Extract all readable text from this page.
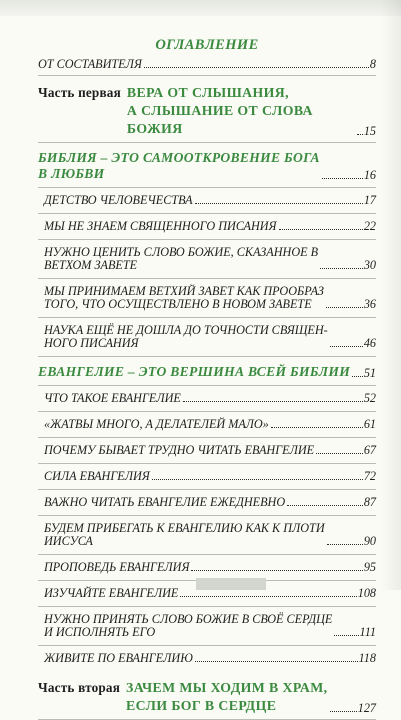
ОГЛАВЛЕНИЕ
ОТ СОСТАВИТЕЛЯ	8
Часть первая ВЕРА ОТ СЛЫШАНИЯ,
А СЛЫШАНИЕ ОТ СЛОВА БОЖИЯ	15
БИБЛИЯ – ЭТО САМООТКРОВЕНИЕ БОГА
В ЛЮБВИ	16
ДЕТСТВО ЧЕЛОВЕЧЕСТВА	17
МЫ НЕ ЗНАЕМ СВЯЩЕННОГО ПИСАНИЯ	22
НУЖНО ЦЕНИТЬ СЛОВО БОЖИЕ, СКАЗАННОЕ В
ВЕТХОМ ЗАВЕТЕ	30
МЫ ПРИНИМАЕМ ВЕТХИЙ ЗАВЕТ КАК ПРООБРАЗ
ТОГО, ЧТО ОСУЩЕСТВЛЕНО В НОВОМ ЗАВЕТЕ	36
НАУКА ЕЩЁ НЕ ДОШЛА ДО ТОЧНОСТИ СВЯЩЕН-
НОГО ПИСАНИЯ	46
ЕВАНГЕЛИЕ – ЭТО ВЕРШИНА ВСЕЙ БИБЛИИ 51
ЧТО ТАКОЕ ЕВАНГЕЛИЕ	52
«ЖАТВЫ МНОГО, А ДЕЛАТЕЛЕЙ МАЛО»	61
ПОЧЕМУ БЫВАЕТ ТРУДНО ЧИТАТЬ ЕВАНГЕЛИЕ	67
СИЛА ЕВАНГЕЛИЯ	72
ВАЖНО ЧИТАТЬ ЕВАНГЕЛИЕ ЕЖЕДНЕВНО	87
БУДЕМ ПРИБЕГАТЬ К ЕВАНГЕЛИЮ КАК К ПЛОТИ
ИИСУСА	90
ПРОПОВЕДЬ ЕВАНГЕЛИЯ	95
ИЗУЧАЙТЕ ЕВАНГЕЛИЕ	108
НУЖНО ПРИНЯТЬ СЛОВО БОЖИЕ В СВОЁ СЕРДЦЕ
И ИСПОЛНЯТЬ ЕГО	111
ЖИВИТЕ ПО ЕВАНГЕЛИЮ	118
Часть вторая ЗАЧЕМ МЫ ХОДИМ В ХРАМ,
ЕСЛИ БОГ В СЕРДЦЕ	127
